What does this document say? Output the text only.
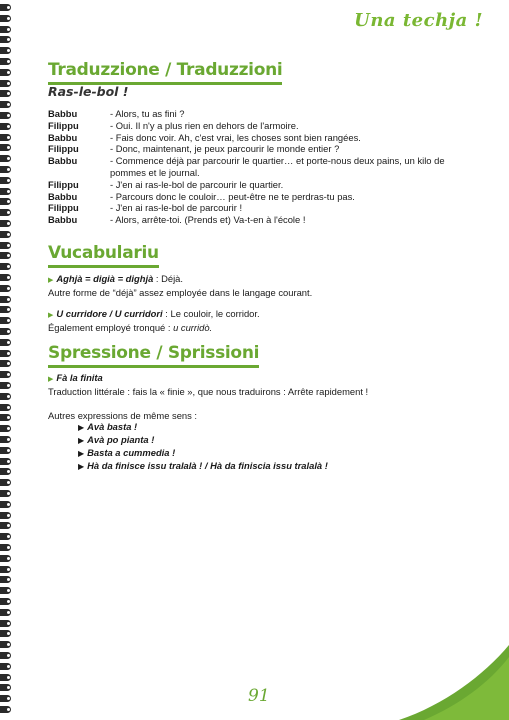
Una techja !
Traduzzione / Traduzzioni
Ras-le-bol !
Babbu	- Alors, tu as fini ?
Filippu	- Oui. Il n'y a plus rien en dehors de l'armoire.
Babbu	- Fais donc voir. Ah, c'est vrai, les choses sont bien rangées.
Filippu	- Donc, maintenant, je peux parcourir le monde entier ?
Babbu	- Commence déjà par parcourir le quartier… et porte-nous deux pains, un kilo de pommes et le journal.
Filippu	- J'en ai ras-le-bol de parcourir le quartier.
Babbu	- Parcours donc le couloir… peut-être ne te perdras-tu pas.
Filippu	- J'en ai ras-le-bol de parcourir !
Babbu	- Alors, arrête-toi. (Prends et) Va-t-en à l'école !
Vucabulariu
▶ Aghjà = digià = dighjà : Déjà.
Autre forme de “déjà” assez employée dans le langage courant.
▶ U curridore / U curridori : Le couloir, le corridor.
Également employé tronqué : u curridò.
Spressione / Sprissioni
▶ Fà la finita
Traduction littérale : fais la « finie », que nous traduirons : Arrête rapidement !
Autres expressions de même sens :
▶ Avà basta !
▶ Avà po pianta !
▶ Basta a cummedia !
▶ Hà da finisce issu tralalà ! / Hà da finiscia issu tralalà !
91
